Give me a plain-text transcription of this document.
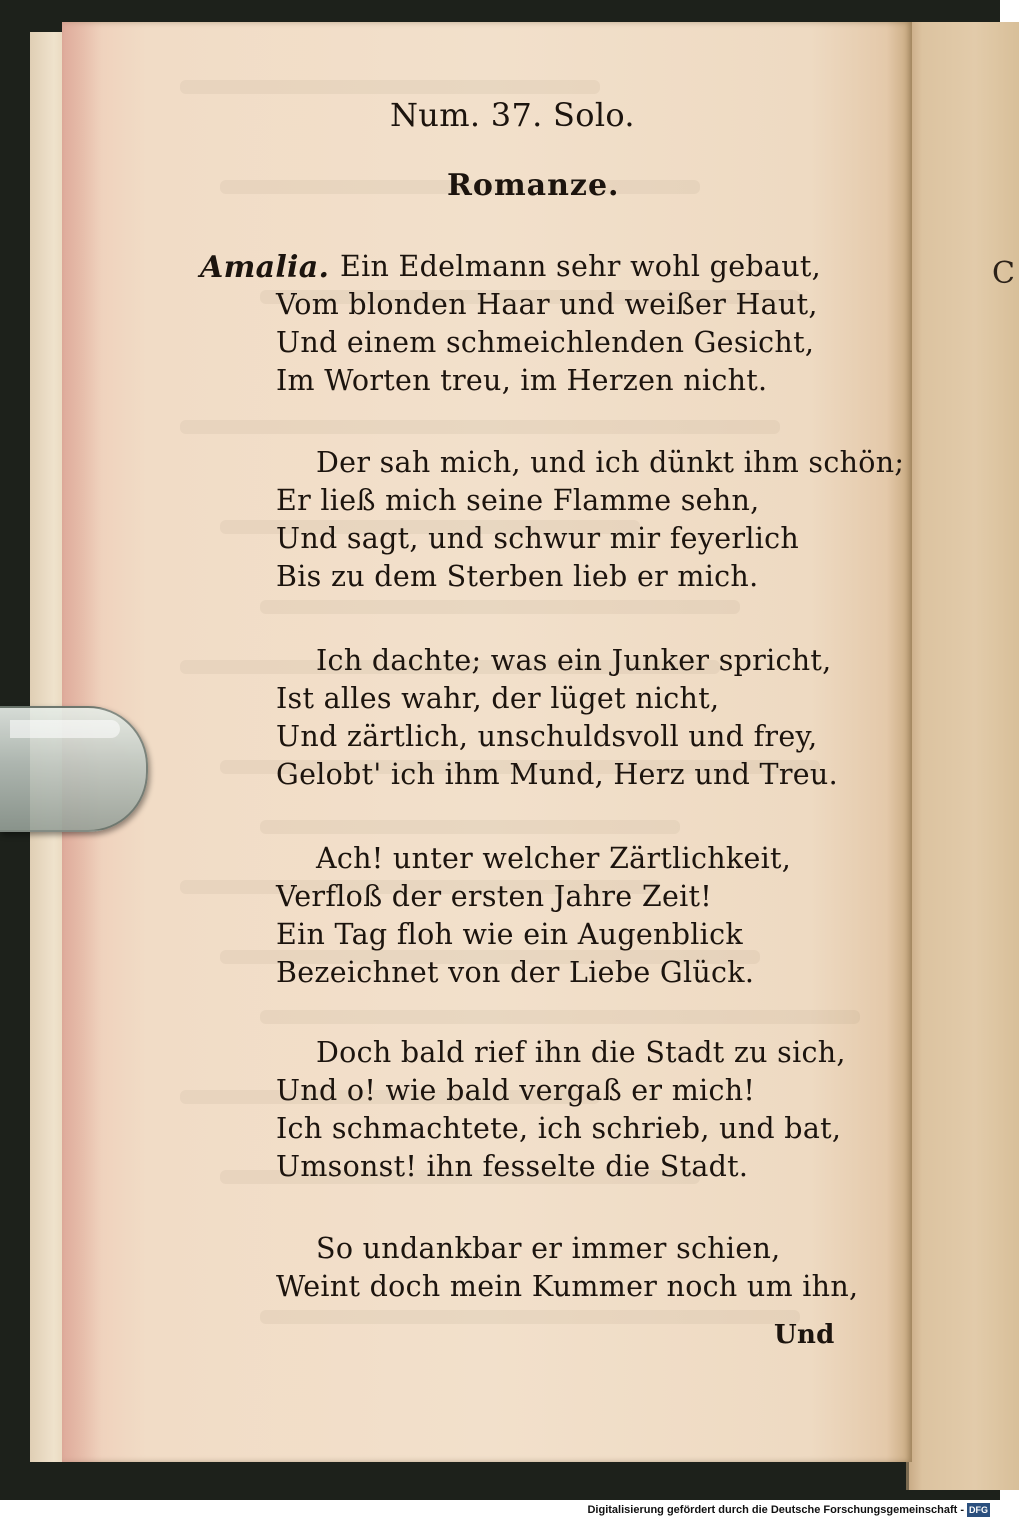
C
Num. 37. Solo.
Romanze.
Amalia. Ein Edelmann sehr wohl gebaut,
Vom blonden Haar und weißer Haut,
Und einem schmeichlenden Gesicht,
Im Worten treu, im Herzen nicht.
Der sah mich, und ich dünkt ihm schön;
Er ließ mich seine Flamme sehn,
Und sagt, und schwur mir feyerlich
Bis zu dem Sterben lieb er mich.
Ich dachte; was ein Junker spricht,
Ist alles wahr, der lüget nicht,
Und zärtlich, unschuldsvoll und frey,
Gelobt' ich ihm Mund, Herz und Treu.
Ach! unter welcher Zärtlichkeit,
Verfloß der ersten Jahre Zeit!
Ein Tag floh wie ein Augenblick
Bezeichnet von der Liebe Glück.
Doch bald rief ihn die Stadt zu sich,
Und o! wie bald vergaß er mich!
Ich schmachtete, ich schrieb, und bat,
Umsonst! ihn fesselte die Stadt.
So undankbar er immer schien,
Weint doch mein Kummer noch um ihn,
Und
Digitalisierung gefördert durch die Deutsche Forschungsgemeinschaft - DFG
